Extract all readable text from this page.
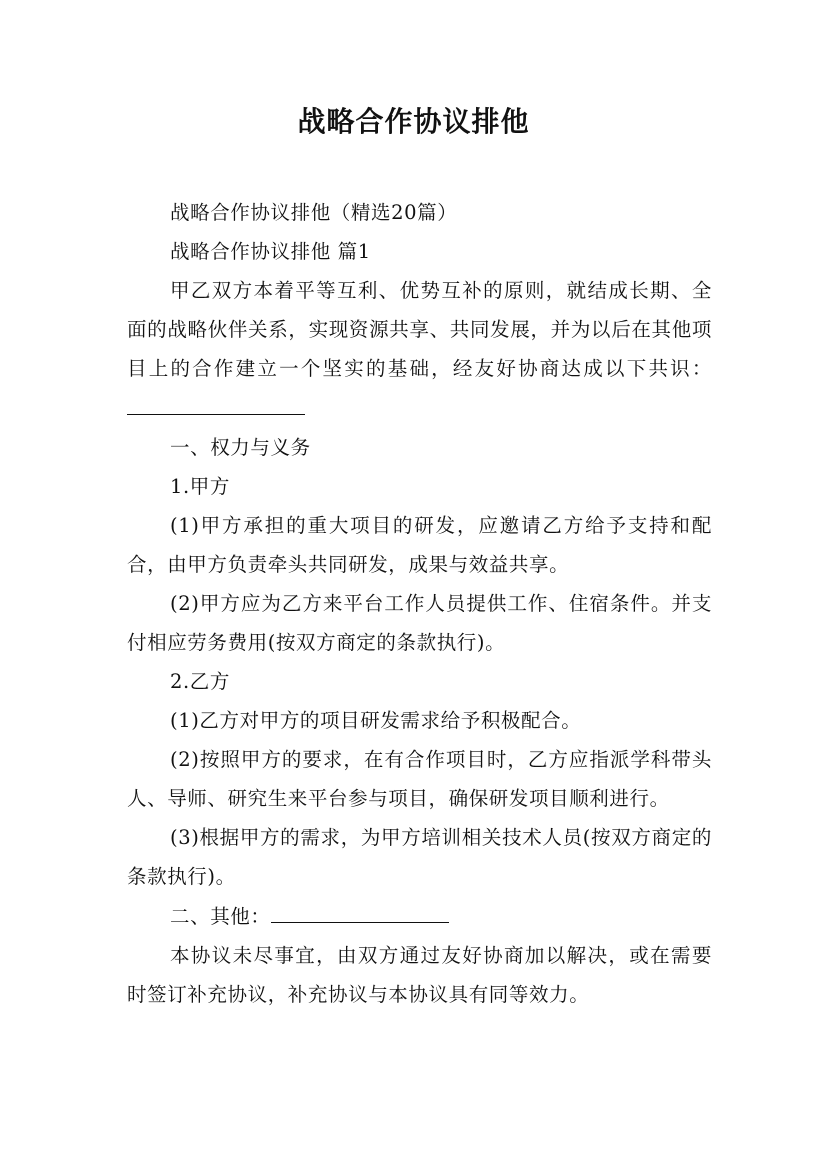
战略合作协议排他

战略合作协议排他（精选20篇）

战略合作协议排他 篇1

甲乙双方本着平等互利、优势互补的原则，就结成长期、全面的战略伙伴关系，实现资源共享、共同发展，并为以后在其他项目上的合作建立一个坚实的基础，经友好协商达成以下共识：

一、权力与义务

1.甲方

(1)甲方承担的重大项目的研发，应邀请乙方给予支持和配合，由甲方负责牵头共同研发，成果与效益共享。

(2)甲方应为乙方来平台工作人员提供工作、住宿条件。并支付相应劳务费用(按双方商定的条款执行)。

2.乙方

(1)乙方对甲方的项目研发需求给予积极配合。

(2)按照甲方的要求，在有合作项目时，乙方应指派学科带头人、导师、研究生来平台参与项目，确保研发项目顺利进行。

(3)根据甲方的需求，为甲方培训相关技术人员(按双方商定的条款执行)。

二、其他：

本协议未尽事宜，由双方通过友好协商加以解决，或在需要时签订补充协议，补充协议与本协议具有同等效力。
